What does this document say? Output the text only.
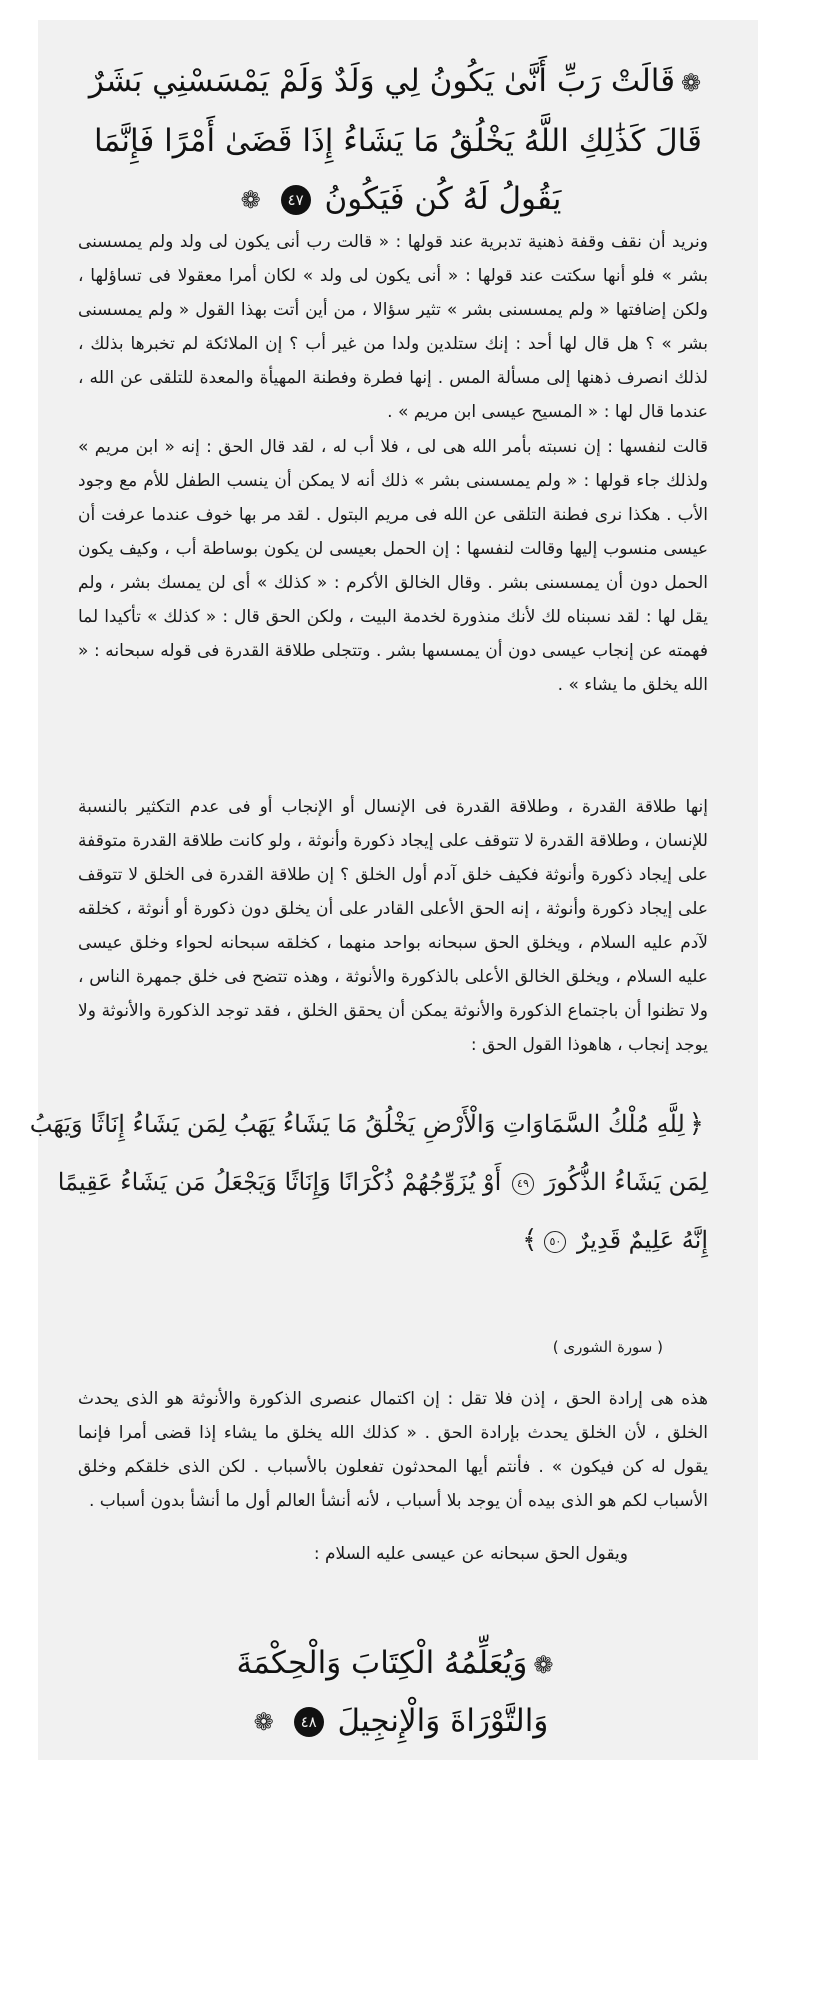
❁قَالَتْ رَبِّ أَنَّىٰ يَكُونُ لِي وَلَدٌ وَلَمْ يَمْسَسْنِي بَشَرٌ
قَالَ كَذَٰلِكِ اللَّهُ يَخْلُقُ مَا يَشَاءُ إِذَا قَضَىٰ أَمْرًا فَإِنَّمَا
يَقُولُ لَهُ كُن فَيَكُونُ ٤٧ ❁

ونريد أن نقف وقفة ذهنية تدبرية عند قولها : « قالت رب أنى يكون لى ولد ولم يمسسنى بشر » فلو أنها سكتت عند قولها : « أنى يكون لى ولد » لكان أمرا معقولا فى تساؤلها ، ولكن إضافتها « ولم يمسسنى بشر » تثير سؤالا ، من أين أتت بهذا القول « ولم يمسسنى بشر » ؟ هل قال لها أحد : إنك ستلدين ولدا من غير أب ؟ إن الملائكة لم تخبرها بذلك ، لذلك انصرف ذهنها إلى مسألة المس . إنها فطرة وفطنة المهيأة والمعدة للتلقى عن الله ، عندما قال لها : « المسيح عيسى ابن مريم » .

قالت لنفسها : إن نسبته بأمر الله هى لى ، فلا أب له ، لقد قال الحق : إنه « ابن مريم » ولذلك جاء قولها : « ولم يمسسنى بشر » ذلك أنه لا يمكن أن ينسب الطفل للأم مع وجود الأب . هكذا نرى فطنة التلقى عن الله فى مريم البتول . لقد مر بها خوف عندما عرفت أن عيسى منسوب إليها وقالت لنفسها : إن الحمل بعيسى لن يكون بوساطة أب ، وكيف يكون الحمل دون أن يمسسنى بشر . وقال الخالق الأكرم : « كذلك » أى لن يمسك بشر ، ولم يقل لها : لقد نسبناه لك لأنك منذورة لخدمة البيت ، ولكن الحق قال : « كذلك » تأكيدا لما فهمته عن إنجاب عيسى دون أن يمسسها بشر . وتتجلى طلاقة القدرة فى قوله سبحانه : « الله يخلق ما يشاء » .

إنها طلاقة القدرة ، وطلاقة القدرة فى الإنسال أو الإنجاب أو فى عدم التكثير بالنسبة للإنسان ، وطلاقة القدرة لا تتوقف على إيجاد ذكورة وأنوثة ، ولو كانت طلاقة القدرة متوقفة على إيجاد ذكورة وأنوثة فكيف خلق آدم أول الخلق ؟ إن طلاقة القدرة فى الخلق لا تتوقف على إيجاد ذكورة وأنوثة ، إنه الحق الأعلى القادر على أن يخلق دون ذكورة أو أنوثة ، كخلقه لآدم عليه السلام ، ويخلق الحق سبحانه بواحد منهما ، كخلقه سبحانه لحواء وخلق عيسى عليه السلام ، ويخلق الخالق الأعلى بالذكورة والأنوثة ، وهذه تتضح فى خلق جمهرة الناس ، ولا تظنوا أن باجتماع الذكورة والأنوثة يمكن أن يحقق الخلق ، فقد توجد الذكورة والأنوثة ولا يوجد إنجاب ، هاهوذا القول الحق :

﴿لِلَّهِ مُلْكُ السَّمَاوَاتِ وَالْأَرْضِ يَخْلُقُ مَا يَشَاءُ يَهَبُ لِمَن يَشَاءُ إِنَاثًا وَيَهَبُ
لِمَن يَشَاءُ الذُّكُورَ ٤٩ أَوْ يُزَوِّجُهُمْ ذُكْرَانًا وَإِنَاثًا وَيَجْعَلُ مَن يَشَاءُ عَقِيمًا
إِنَّهُ عَلِيمٌ قَدِيرٌ ٥٠﴾
( سورة الشورى )

هذه هى إرادة الحق ، إذن فلا تقل : إن اكتمال عنصرى الذكورة والأنوثة هو الذى يحدث الخلق ، لأن الخلق يحدث بإرادة الحق . « كذلك الله يخلق ما يشاء إذا قضى أمرا فإنما يقول له كن فيكون » . فأنتم أيها المحدثون تفعلون بالأسباب . لكن الذى خلقكم وخلق الأسباب لكم هو الذى بيده أن يوجد بلا أسباب ، لأنه أنشأ العالم أول ما أنشأ بدون أسباب .

ويقول الحق سبحانه عن عيسى عليه السلام :

❁وَيُعَلِّمُهُ الْكِتَابَ وَالْحِكْمَةَ
وَالتَّوْرَاةَ وَالْإِنجِيلَ ٤٨ ❁
